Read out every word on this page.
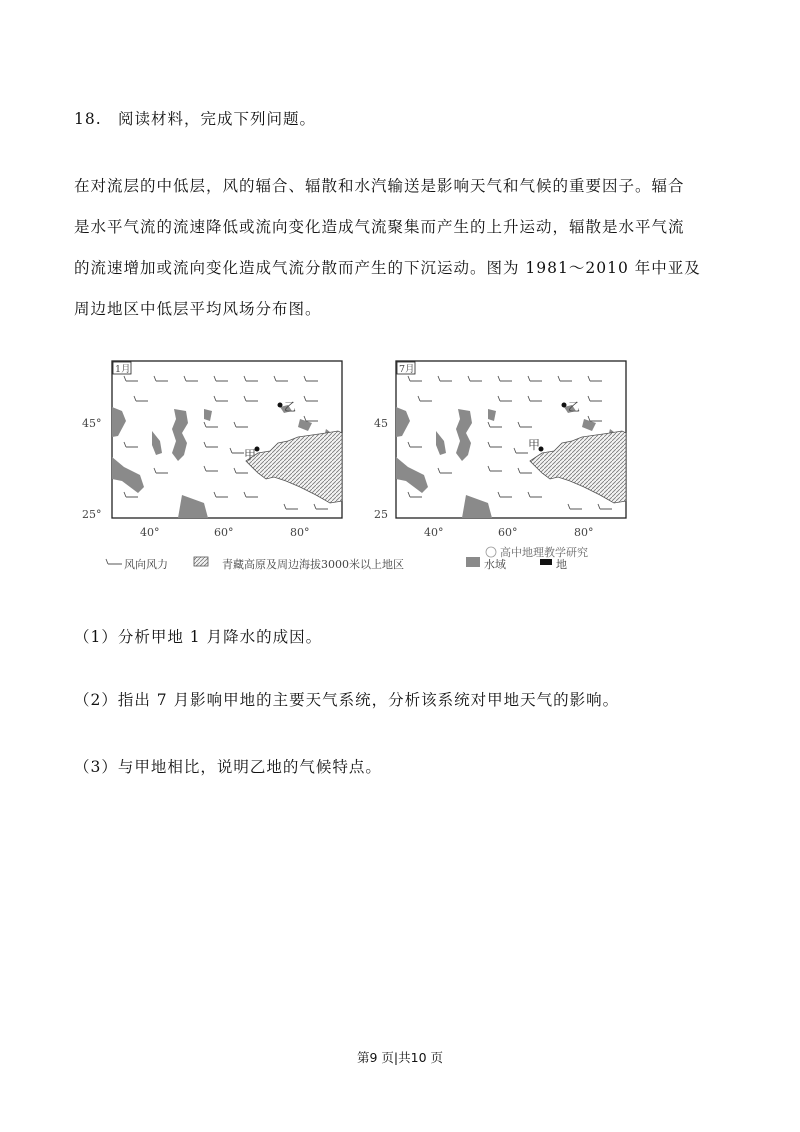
18. 阅读材料，完成下列问题。
在对流层的中低层，风的辐合、辐散和水汽输送是影响天气和气候的重要因子。辐合
是水平气流的流速降低或流向变化造成气流聚集而产生的上升运动，辐散是水平气流
的流速增加或流向变化造成气流分散而产生的下沉运动。图为 1981～2010 年中亚及
周边地区中低层平均风场分布图。
1月
乙
甲
45°
25°
40°	60°	80°
7月
乙
甲
45
25
40°	60°	80°
风向风力	青藏高原及周边海拔3000米以上地区	水域	地
高中地理教学研究
（1）分析甲地 1 月降水的成因。
（2）指出 7 月影响甲地的主要天气系统，分析该系统对甲地天气的影响。
（3）与甲地相比，说明乙地的气候特点。
第9 页|共10 页
